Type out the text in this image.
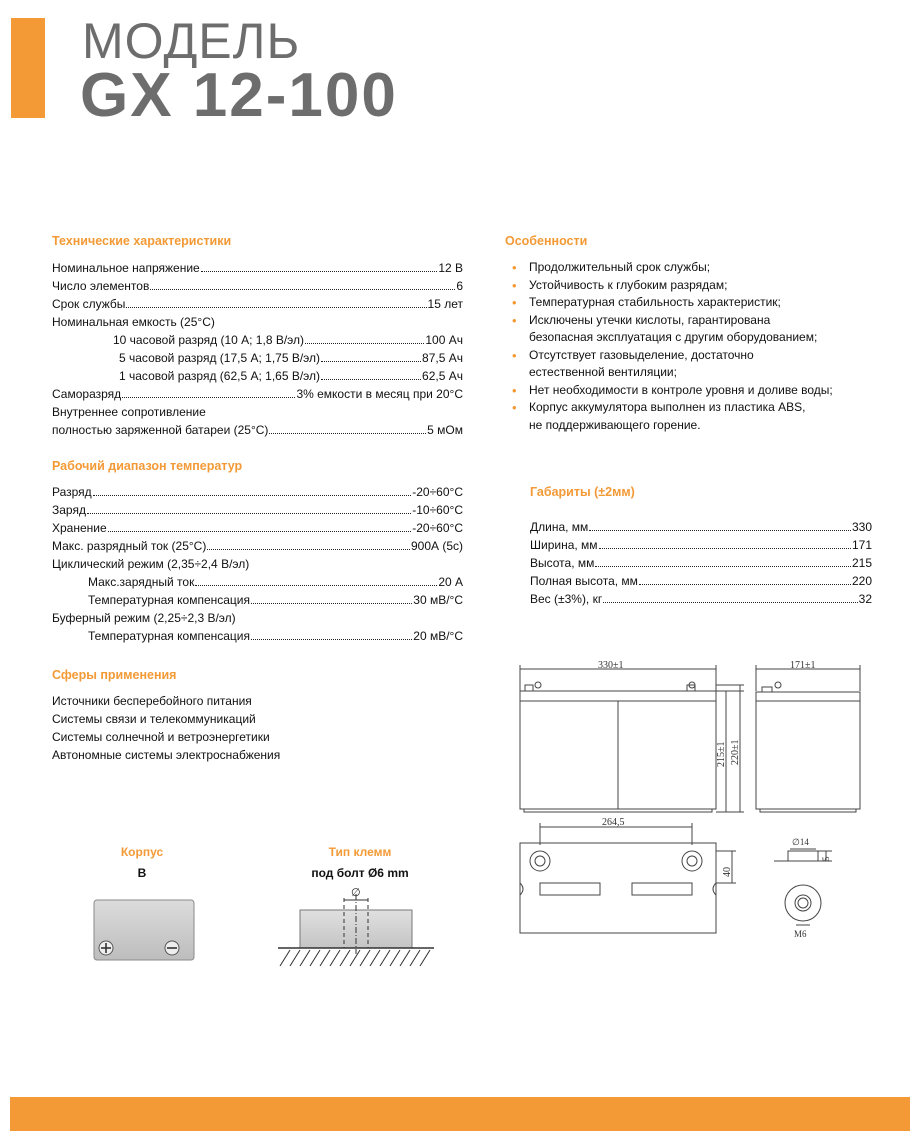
МОДЕЛЬ
GX 12-100
Технические характеристики
Номинальное напряжение	12 В
Число элементов	6
Срок службы	15 лет
Номинальная емкость (25°С)
10 часовой разряд (10 А; 1,8 В/эл)	100 Ач
5 часовой разряд (17,5 А; 1,75 В/эл)	87,5 Ач
1 часовой разряд (62,5 А; 1,65 В/эл)	62,5 Ач
Саморазряд	3% емкости в месяц при 20°С
Внутреннее сопротивление
полностью заряженной батареи (25°С)	5 мОм
Рабочий диапазон температур
Разряд	-20÷60°С
Заряд	-10÷60°С
Хранение	-20÷60°С
Макс. разрядный ток (25°С)	900А (5с)
Циклический режим (2,35÷2,4 В/эл)
Макс.зарядный ток	20 А
Температурная компенсация	30 мВ/°С
Буферный режим (2,25÷2,3 В/эл)
Температурная компенсация	20 мВ/°С
Сферы применения
Источники бесперебойного питания
Системы связи и телекоммуникаций
Системы солнечной и ветроэнергетики
Автономные системы электроснабжения
Особенности
• Продолжительный срок службы;
• Устойчивость к глубоким разрядам;
• Температурная стабильность характеристик;
• Исключены утечки кислоты, гарантирована
безопасная эксплуатация с другим оборудованием;
• Отсутствует газовыделение, достаточно
естественной вентиляции;
• Нет необходимости в контроле уровня и доливе воды;
• Корпус аккумулятора выполнен из пластика ABS,
не поддерживающего горение.
Габариты (±2мм)
Длина, мм	330
Ширина, мм	171
Высота, мм	215
Полная высота, мм	220
Вес (±3%), кг	32
330±1
215±1 220±1
171±1
264,5
40
∅14
5
M6
Корпус
B
Тип клемм
под болт Ø6 mm
∅
